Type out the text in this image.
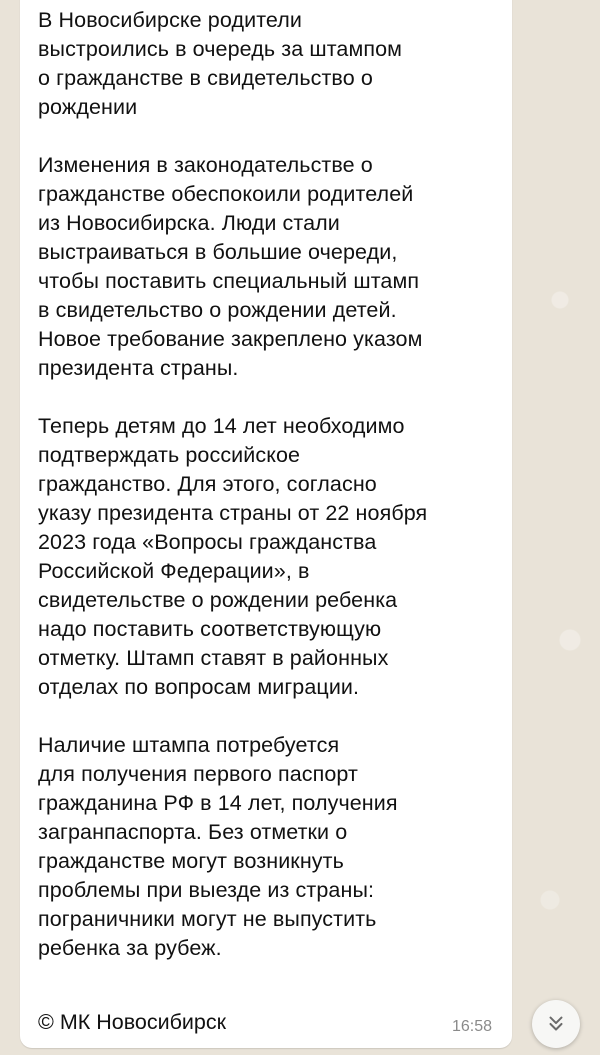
В Новосибирске родители
выстроились в очередь за штампом
о гражданстве в свидетельство о
рождении

Изменения в законодательстве о
гражданстве обеспокоили родителей
из Новосибирска. Люди стали
выстраиваться в большие очереди,
чтобы поставить специальный штамп
в свидетельство о рождении детей.
Новое требование закреплено указом
президента страны.

Теперь детям до 14 лет необходимо
подтверждать российское
гражданство. Для этого, согласно
указу президента страны от 22 ноября
2023 года «Вопросы гражданства
Российской Федерации», в
свидетельстве о рождении ребенка
надо поставить соответствующую
отметку. Штамп ставят в районных
отделах по вопросам миграции.

Наличие штампа потребуется
для получения первого паспорт
гражданина РФ в 14 лет, получения
загранпаспорта. Без отметки о
гражданстве могут возникнуть
проблемы при выезде из страны:
пограничники могут не выпустить
ребенка за рубеж.

© МК Новосибирск	16:58
